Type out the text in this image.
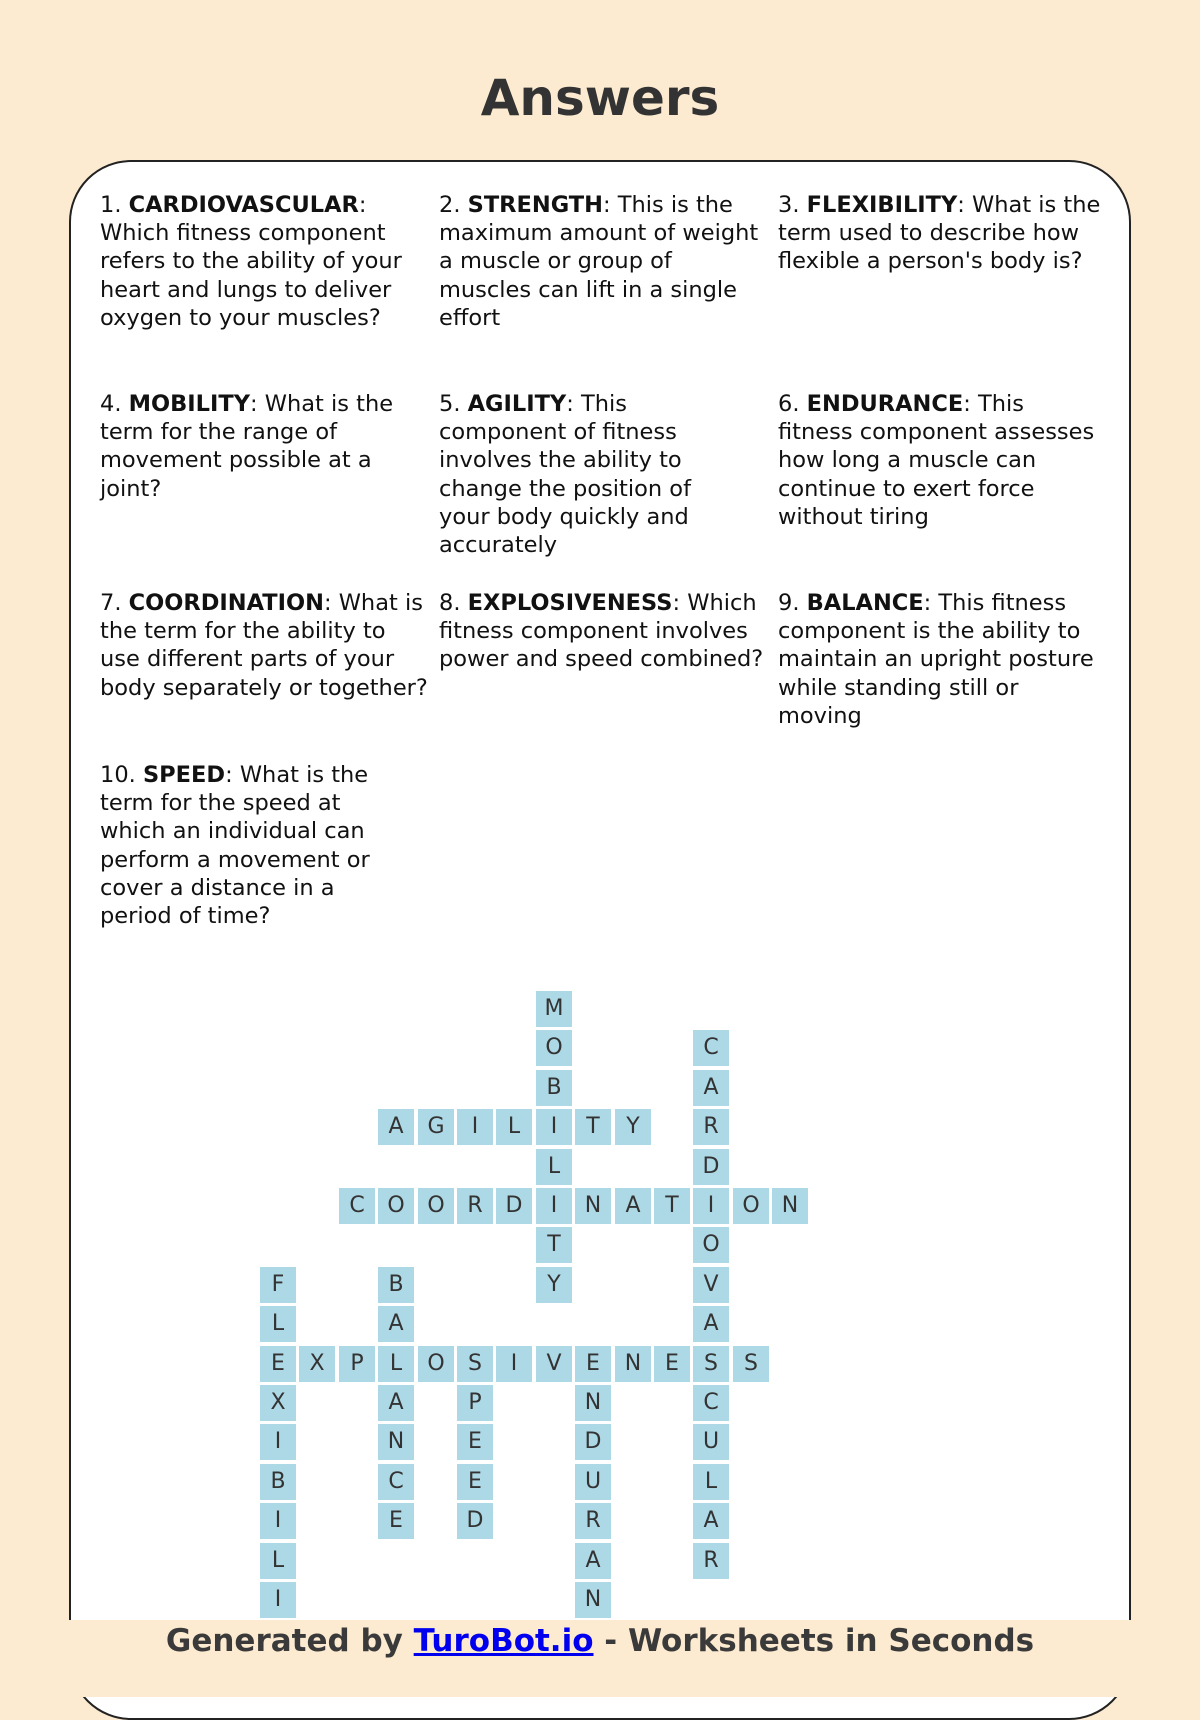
Answers
1. CARDIOVASCULAR: Which fitness component refers to the ability of your heart and lungs to deliver oxygen to your muscles?
2. STRENGTH: This is the maximum amount of weight a muscle or group of muscles can lift in a single effort
3. FLEXIBILITY: What is the term used to describe how flexible a person's body is?
4. MOBILITY: What is the term for the range of movement possible at a joint?
5. AGILITY: This component of fitness involves the ability to change the position of your body quickly and accurately
6. ENDURANCE: This fitness component assesses how long a muscle can continue to exert force without tiring
7. COORDINATION: What is the term for the ability to use different parts of your body separately or together?
8. EXPLOSIVENESS: Which fitness component involves power and speed combined?
9. BALANCE: This fitness component is the ability to maintain an upright posture while standing still or moving
10. SPEED: What is the term for the speed at which an individual can perform a movement or cover a distance in a period of time?
M
O
B
I
L
I
T
Y
C
A
R
D
I
O
V
A
S
C
U
L
A
R
A	G	I	L	T	Y
C	O	O	R	D	N	A	T	O	N
F
L
E
X
I
B
I
L
I
B
A
L
A
N
C
E
X	P	O	S	I	V	E	N	E	S
P
E
E
D
N
D
U
R
A
N
Generated by TuroBot.io - Worksheets in Seconds
